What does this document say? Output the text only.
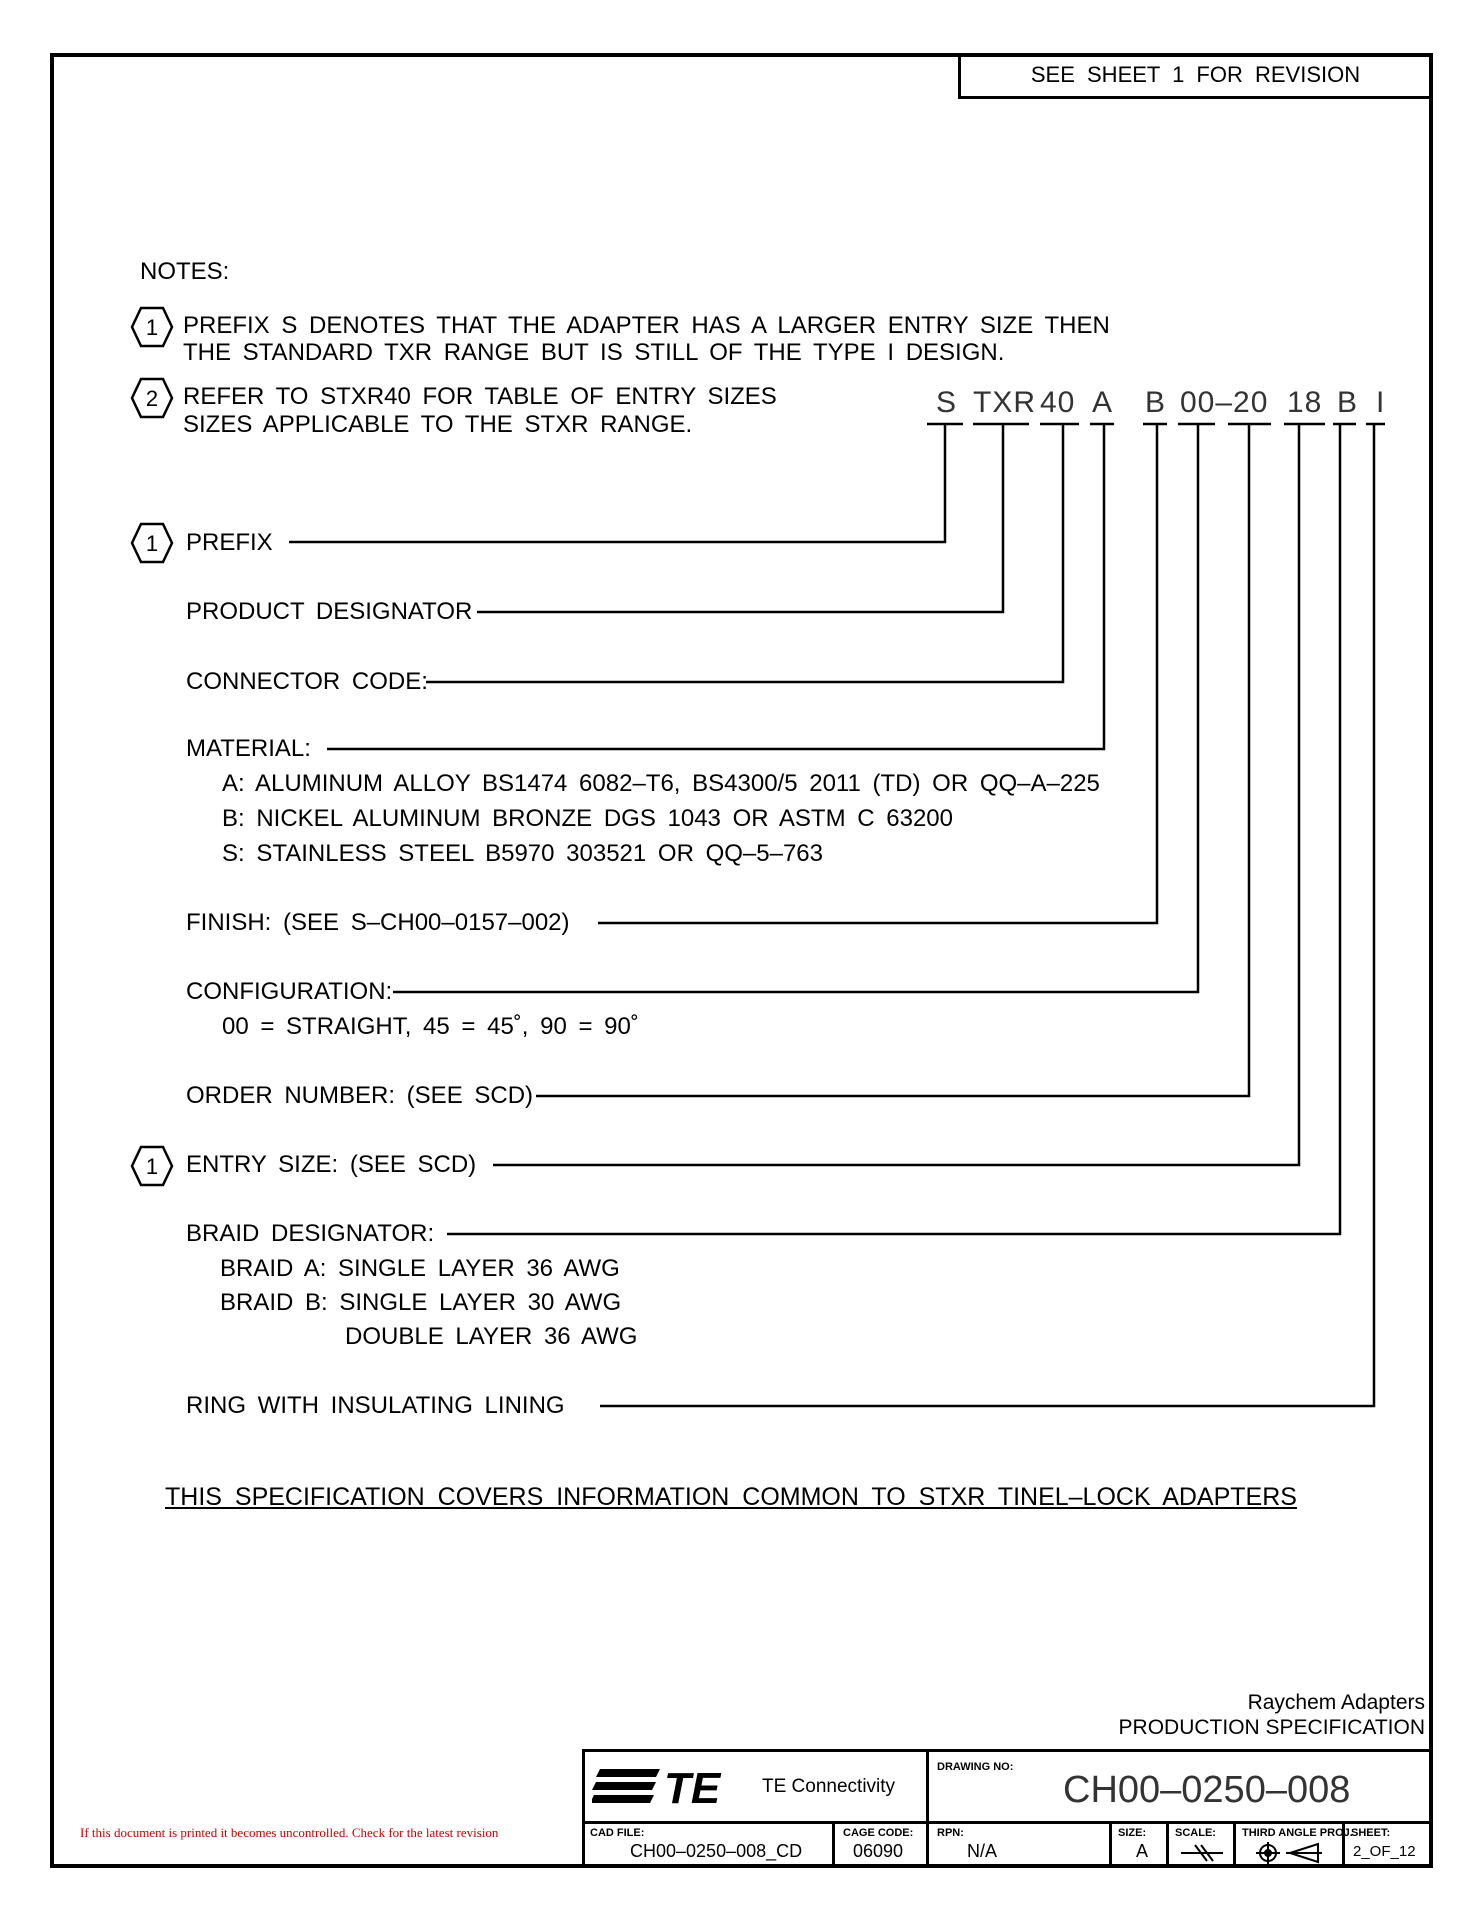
SEE SHEET 1 FOR REVISION
NOTES:
1 PREFIX S DENOTES THAT THE ADAPTER HAS A LARGER ENTRY SIZE THEN
THE STANDARD TXR RANGE BUT IS STILL OF THE TYPE I DESIGN.
2 REFER TO STXR40 FOR TABLE OF ENTRY SIZES
SIZES APPLICABLE TO THE STXR RANGE.
S TXR 40 A B 00–20 18 B I
1 PREFIX
PRODUCT DESIGNATOR
CONNECTOR CODE:
MATERIAL:
A: ALUMINUM ALLOY BS1474 6082–T6, BS4300/5 2011 (TD) OR QQ–A–225
B: NICKEL ALUMINUM BRONZE DGS 1043 OR ASTM C 63200
S: STAINLESS STEEL B5970 303521 OR QQ–5–763
FINISH: (SEE S–CH00–0157–002)
CONFIGURATION:
00 = STRAIGHT, 45 = 45˚, 90 = 90˚
ORDER NUMBER: (SEE SCD)
1 ENTRY SIZE: (SEE SCD)
BRAID DESIGNATOR:
BRAID A: SINGLE LAYER 36 AWG
BRAID B: SINGLE LAYER 30 AWG
DOUBLE LAYER 36 AWG
RING WITH INSULATING LINING
THIS SPECIFICATION COVERS INFORMATION COMMON TO STXR TINEL–LOCK ADAPTERS
Raychem Adapters
PRODUCTION SPECIFICATION
TE TE Connectivity
DRAWING NO:
CH00–0250–008
CAD FILE:
CH00–0250–008_CD
CAGE CODE:
06090
RPN:
N/A
SIZE:
A
SCALE: THIRD ANGLE PROJ.
SHEET:
2_OF_12
If this document is printed it becomes uncontrolled. Check for the latest revision
